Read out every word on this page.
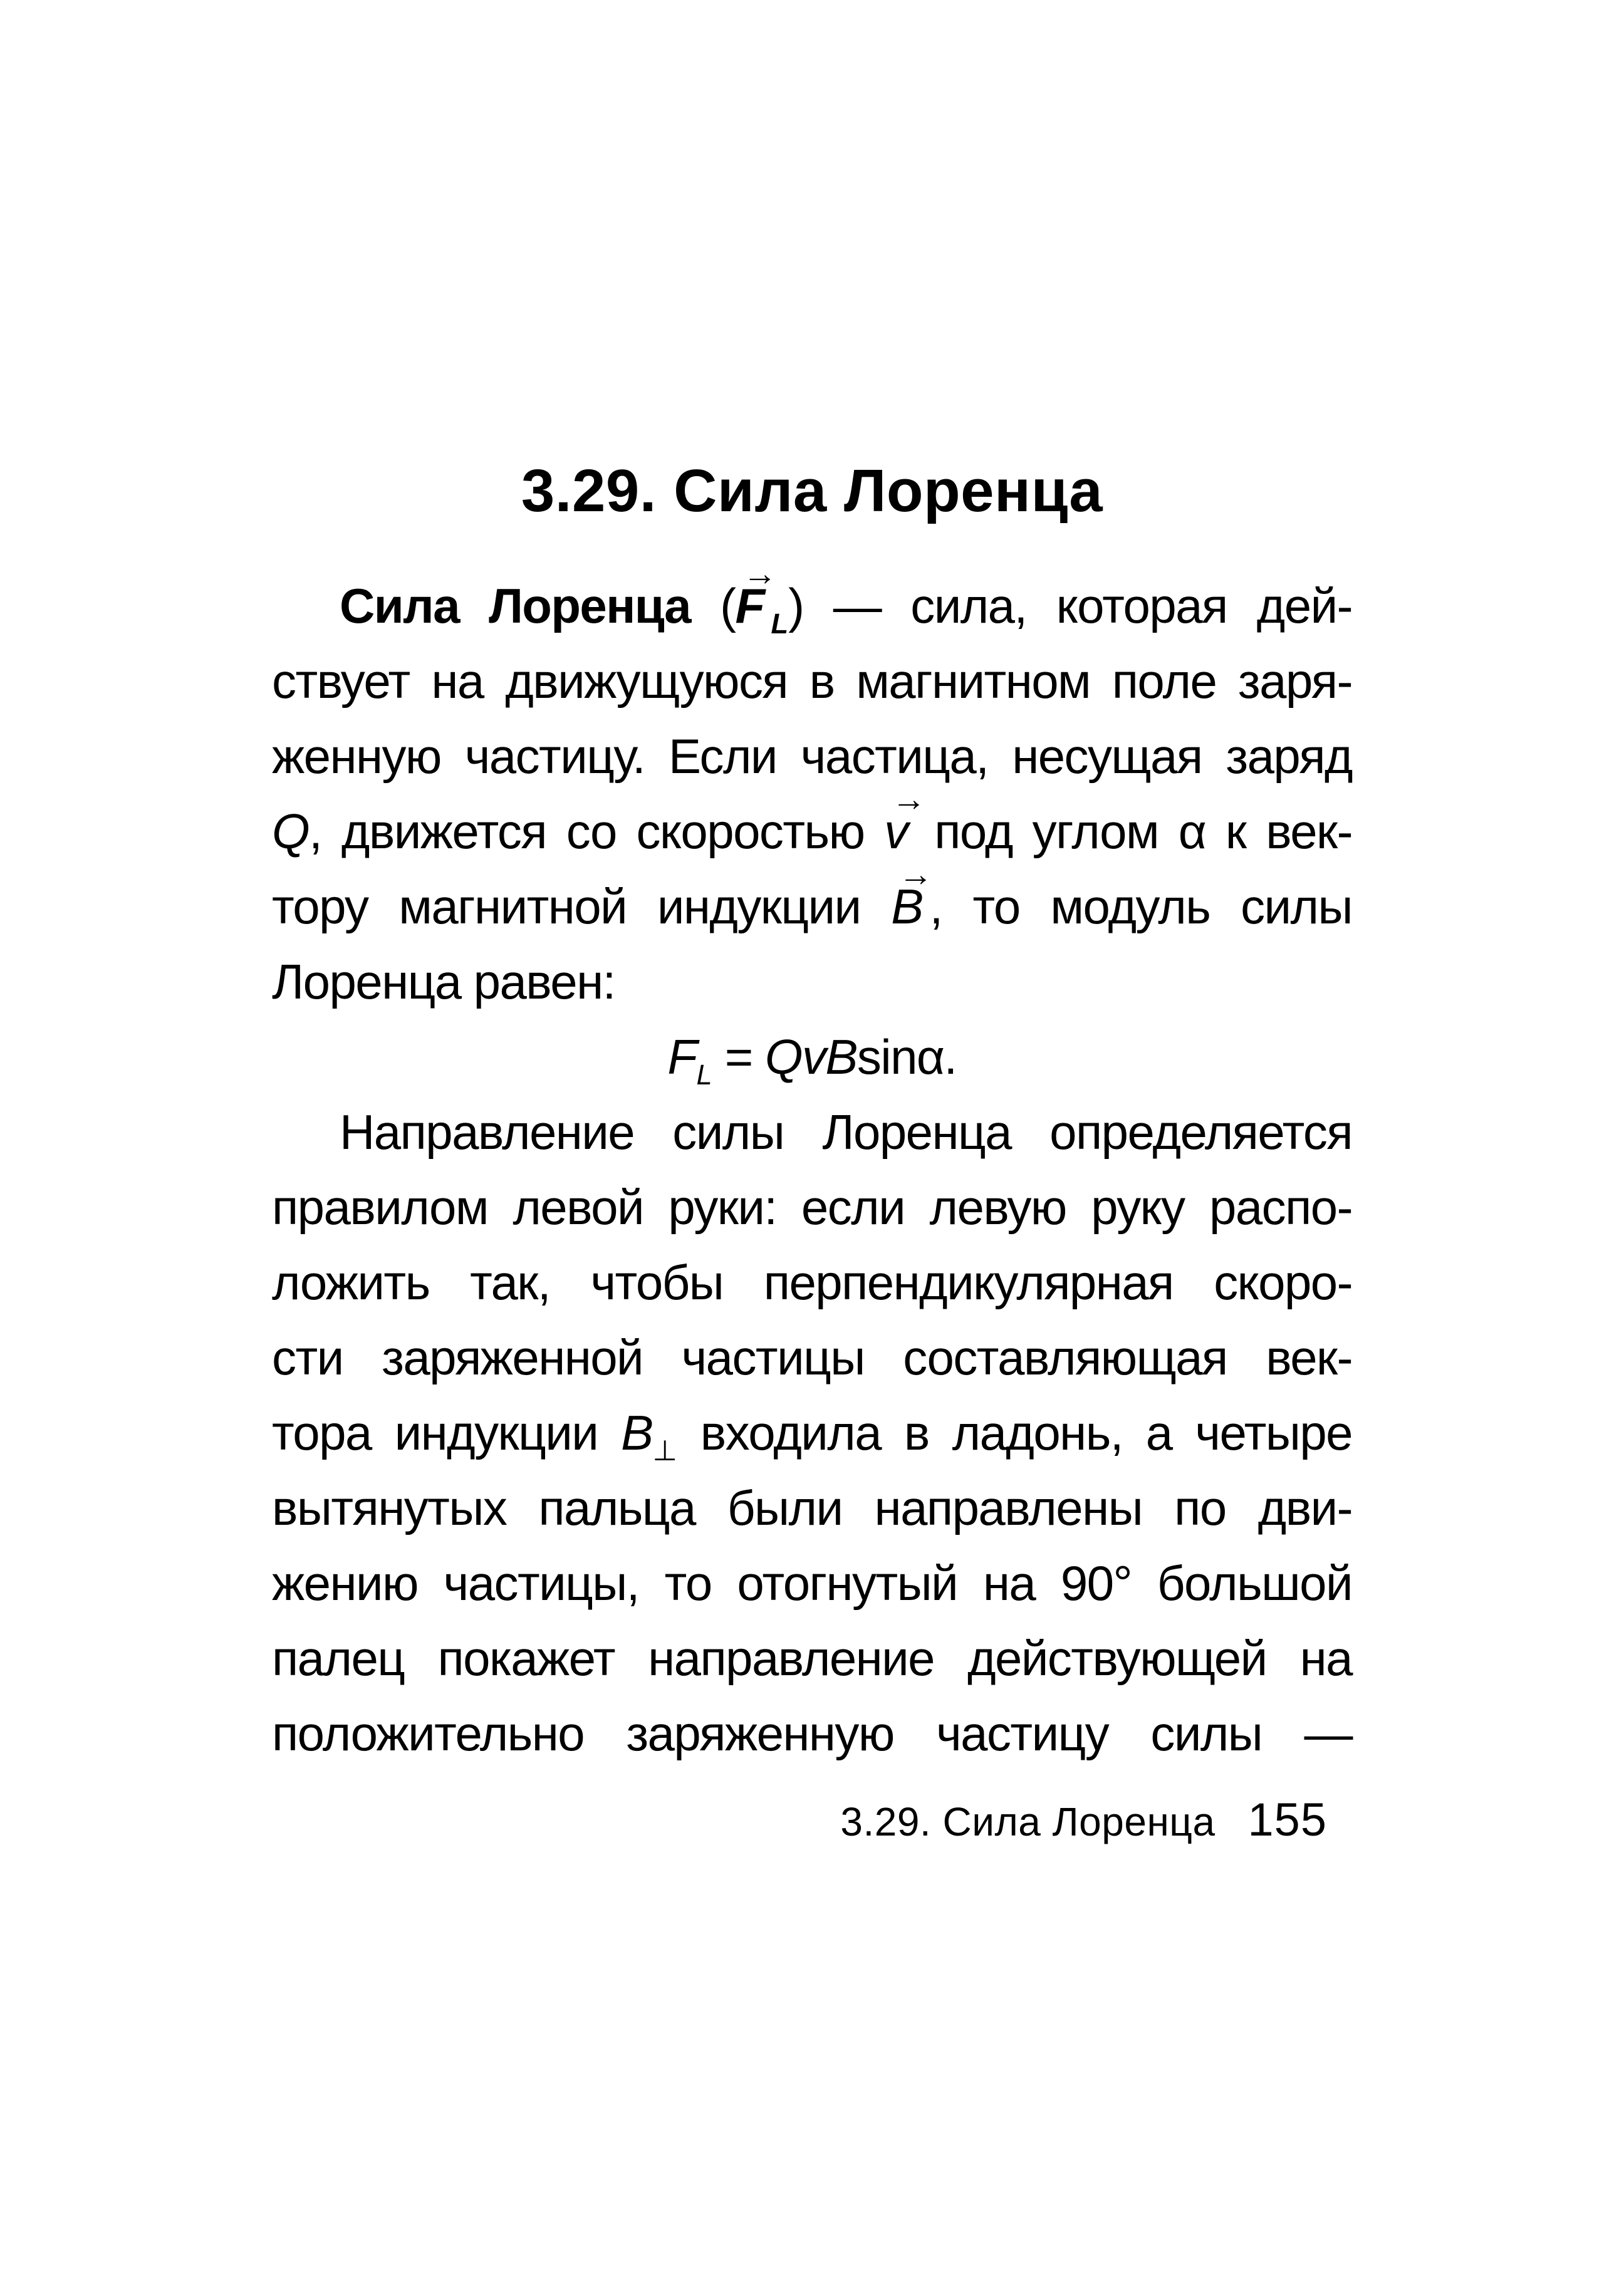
3.29. Сила Лоренца
Сила Лоренца (F
→
$_L$) — сила, которая дей-
ствует на движущуюся в магнитном поле заря-
женную частицу. Если частица, несущая заряд
Q, движется со скоростью v
→
под углом α к век-
тору магнитной индукции B
→
, то модуль силы
Лоренца равен:
$F_L = QvBsin\alpha$.
Направление силы Лоренца определяется
правилом левой руки: если левую руку распо-
ложить так, чтобы перпендикулярная скоро-
сти заряженной частицы составляющая век-
тора индукции $B_\perp$ входила в ладонь, а четыре
вытянутых пальца были направлены по дви-
жению частицы, то отогнутый на 90° большой
палец покажет направление действующей на
положительно заряженную частицу силы —
3.29. Сила Лоренца 155
